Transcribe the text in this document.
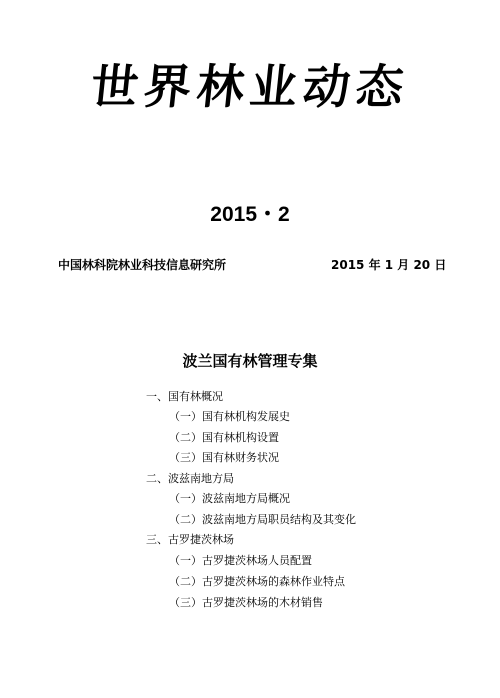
世界林业动态
2015・2
中国林科院林业科技信息研究所	2015 年 1 月 20 日
波兰国有林管理专集
一、国有林概况
（一）国有林机构发展史
（二）国有林机构设置
（三）国有林财务状况
二、波兹南地方局
（一）波兹南地方局概况
（二）波兹南地方局职员结构及其变化
三、古罗捷茨林场
（一）古罗捷茨林场人员配置
（二）古罗捷茨林场的森林作业特点
（三）古罗捷茨林场的木材销售
